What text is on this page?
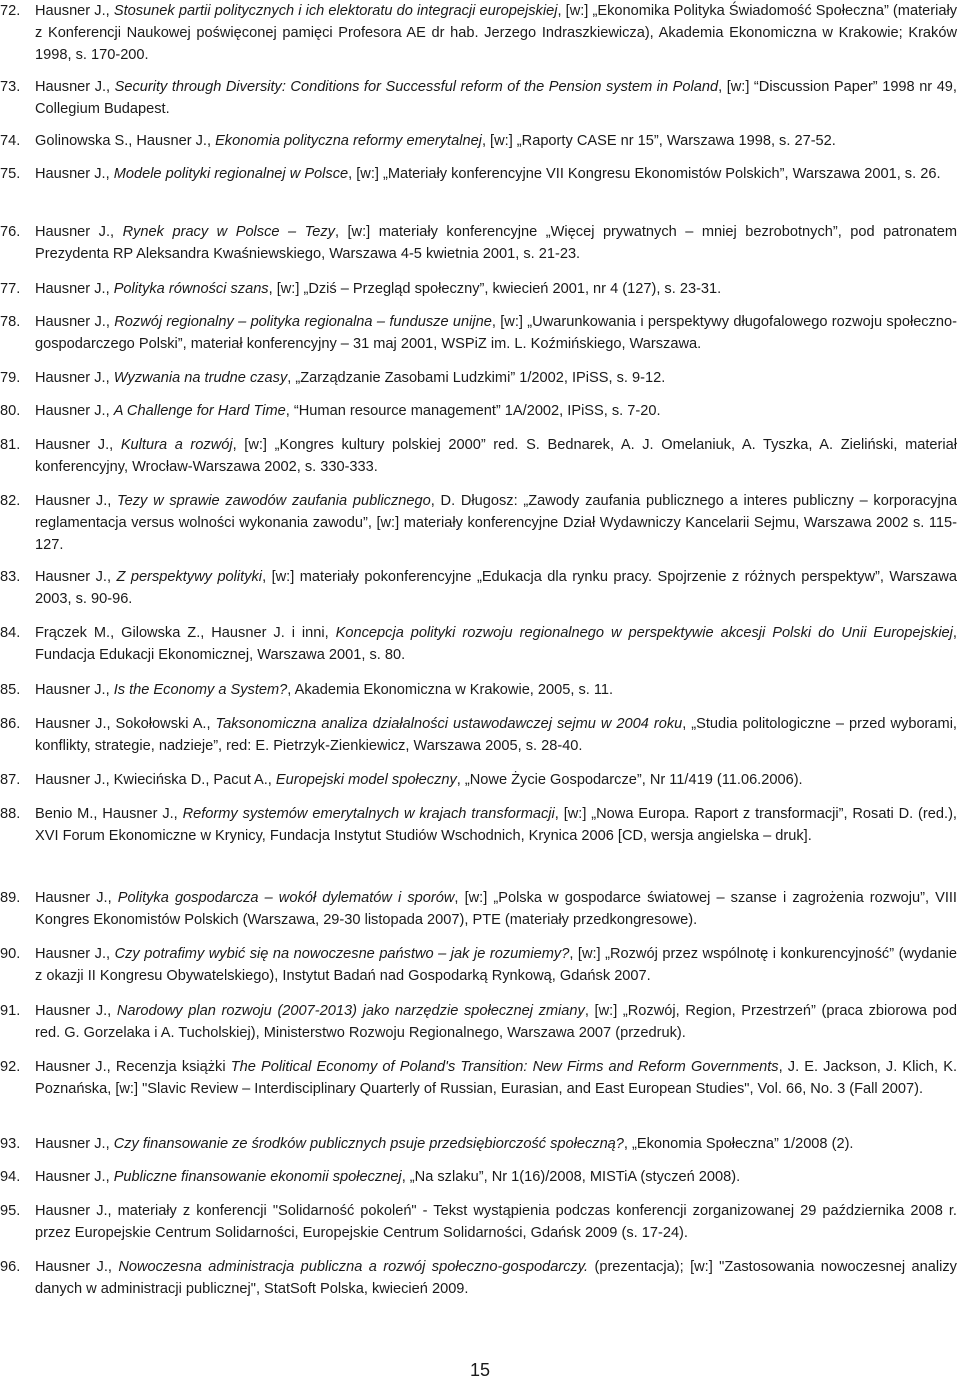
72. Hausner J., Stosunek partii politycznych i ich elektoratu do integracji europejskiej, [w:] „Ekonomika Polityka Świadomość Społeczna” (materiały z Konferencji Naukowej poświęconej pamięci Profesora AE dr hab. Jerzego Indraszkiewicza), Akademia Ekonomiczna w Krakowie; Kraków 1998, s. 170-200.
73. Hausner J., Security through Diversity: Conditions for Successful reform of the Pension system in Poland, [w:] “Discussion Paper” 1998 nr 49, Collegium Budapest.
74. Golinowska S., Hausner J., Ekonomia polityczna reformy emerytalnej, [w:] „Raporty CASE nr 15”, Warszawa 1998, s. 27-52.
75. Hausner J., Modele polityki regionalnej w Polsce, [w:] „Materiały konferencyjne VII Kongresu Ekonomistów Polskich”, Warszawa 2001, s. 26.
76. Hausner J., Rynek pracy w Polsce – Tezy, [w:] materiały konferencyjne „Więcej prywatnych – mniej bezrobotnych”, pod patronatem Prezydenta RP Aleksandra Kwaśniewskiego, Warszawa 4-5 kwietnia 2001, s. 21-23.
77. Hausner J., Polityka równości szans, [w:] „Dziś – Przegląd społeczny”, kwiecień 2001, nr 4 (127), s. 23-31.
78. Hausner J., Rozwój regionalny – polityka regionalna – fundusze unijne, [w:] „Uwarunkowania i perspektywy długofalowego rozwoju społeczno-gospodarczego Polski”, materiał konferencyjny – 31 maj 2001, WSPiZ im. L. Koźmińskiego, Warszawa.
79. Hausner J., Wyzwania na trudne czasy, „Zarządzanie Zasobami Ludzkimi” 1/2002, IPiSS, s. 9-12.
80. Hausner J., A Challenge for Hard Time, “Human resource management” 1A/2002, IPiSS, s. 7-20.
81. Hausner J., Kultura a rozwój, [w:] „Kongres kultury polskiej 2000” red. S. Bednarek, A. J. Omelaniuk, A. Tyszka, A. Zieliński, materiał konferencyjny, Wrocław-Warszawa 2002, s. 330-333.
82. Hausner J., Tezy w sprawie zawodów zaufania publicznego, D. Długosz: „Zawody zaufania publicznego a interes publiczny – korporacyjna reglamentacja versus wolności wykonania zawodu”, [w:] materiały konferencyjne Dział Wydawniczy Kancelarii Sejmu, Warszawa 2002 s. 115-127.
83. Hausner J., Z perspektywy polityki, [w:] materiały pokonferencyjne „Edukacja dla rynku pracy. Spojrzenie z różnych perspektyw”, Warszawa 2003, s. 90-96.
84. Frączek M., Gilowska Z., Hausner J. i inni, Koncepcja polityki rozwoju regionalnego w perspektywie akcesji Polski do Unii Europejskiej, Fundacja Edukacji Ekonomicznej, Warszawa 2001, s. 80.
85. Hausner J., Is the Economy a System?, Akademia Ekonomiczna w Krakowie, 2005, s. 11.
86. Hausner J., Sokołowski A., Taksonomiczna analiza działalności ustawodawczej sejmu w 2004 roku, „Studia politologiczne – przed wyborami, konflikty, strategie, nadzieje”, red: E. Pietrzyk-Zienkiewicz, Warszawa 2005, s. 28-40.
87. Hausner J., Kwiecińska D., Pacut A., Europejski model społeczny, „Nowe Życie Gospodarcze”, Nr 11/419 (11.06.2006).
88. Benio M., Hausner J., Reformy systemów emerytalnych w krajach transformacji, [w:] „Nowa Europa. Raport z transformacji”, Rosati D. (red.), XVI Forum Ekonomiczne w Krynicy, Fundacja Instytut Studiów Wschodnich, Krynica 2006 [CD, wersja angielska – druk].
89. Hausner J., Polityka gospodarcza – wokół dylematów i sporów, [w:] „Polska w gospodarce światowej – szanse i zagrożenia rozwoju”, VIII Kongres Ekonomistów Polskich (Warszawa, 29-30 listopada 2007), PTE (materiały przedkongresowe).
90. Hausner J., Czy potrafimy wybić się na nowoczesne państwo – jak je rozumiemy?, [w:] „Rozwój przez wspólnotę i konkurencyjność” (wydanie z okazji II Kongresu Obywatelskiego), Instytut Badań nad Gospodarką Rynkową, Gdańsk 2007.
91. Hausner J., Narodowy plan rozwoju (2007-2013) jako narzędzie społecznej zmiany, [w:] „Rozwój, Region, Przestrzeń” (praca zbiorowa pod red. G. Gorzelaka i A. Tucholskiej), Ministerstwo Rozwoju Regionalnego, Warszawa 2007 (przedruk).
92. Hausner J., Recenzja książki The Political Economy of Poland's Transition: New Firms and Reform Governments, J. E. Jackson, J. Klich, K. Poznańska, [w:] "Slavic Review – Interdisciplinary Quarterly of Russian, Eurasian, and East European Studies", Vol. 66, No. 3 (Fall 2007).
93. Hausner J., Czy finansowanie ze środków publicznych psuje przedsiębiorczość społeczną?, „Ekonomia Społeczna” 1/2008 (2).
94. Hausner J., Publiczne finansowanie ekonomii społecznej, „Na szlaku”, Nr 1(16)/2008, MISTiA (styczeń 2008).
95. Hausner J., materiały z konferencji "Solidarność pokoleń" - Tekst wystąpienia podczas konferencji zorganizowanej 29 października 2008 r. przez Europejskie Centrum Solidarności, Europejskie Centrum Solidarności, Gdańsk 2009 (s. 17-24).
96. Hausner J., Nowoczesna administracja publiczna a rozwój społeczno-gospodarczy. (prezentacja); [w:] "Zastosowania nowoczesnej analizy danych w administracji publicznej", StatSoft Polska, kwiecień 2009.
15
